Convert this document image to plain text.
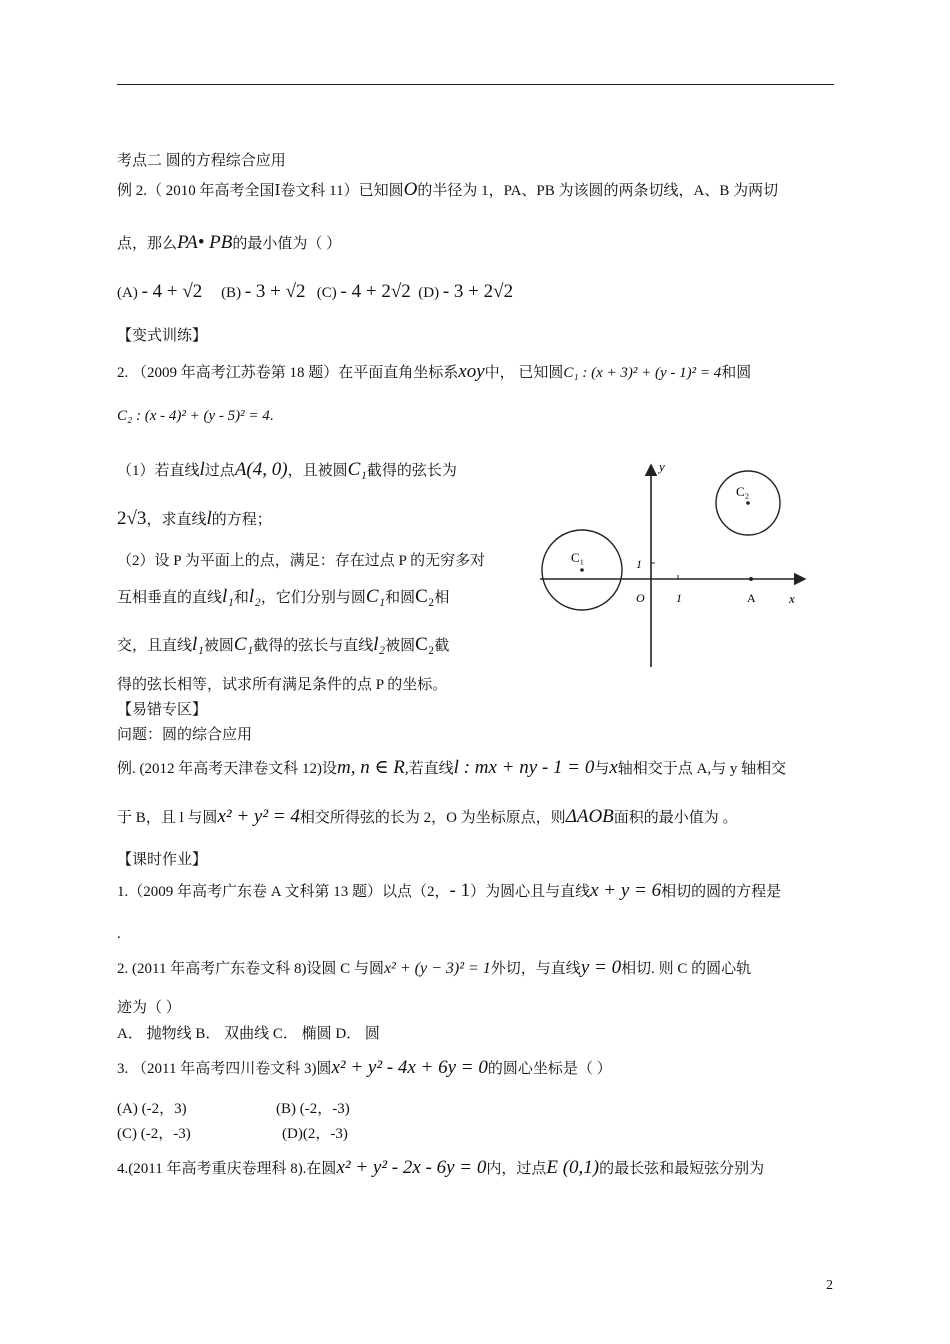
考点二 圆的方程综合应用
例 2.（ 2010 年高考全国Ⅰ卷文科 11）已知圆O的半径为 1，PA、PB 为该圆的两条切线，A、B 为两切
点，那么PA• PB的最小值为（ ）
(A) - 4 + √2 (B) - 3 + √2 (C) - 4 + 2√2 (D) - 3 + 2√2
【变式训练】
2. （2009 年高考江苏卷第 18 题）在平面直角坐标系xoy中， 已知圆C₁ : (x + 3)² + (y - 1)² = 4和圆
C₂ : (x - 4)² + (y - 5)² = 4.
（1）若直线l过点A(4, 0)，且被圆C₁截得的弦长为
2√3，求直线l的方程；
（2）设 P 为平面上的点，满足：存在过点 P 的无穷多对
互相垂直的直线l₁和l₂，它们分别与圆C₁和圆C₂相
交，且直线l₁被圆C₁截得的弦长与直线l₂被圆C₂截
得的弦长相等，试求所有满足条件的点 P 的坐标。
y
x
C₁
C₂
1
O	1	A
【易错专区】
问题：圆的综合应用
例. (2012 年高考天津卷文科 12)设m, n ∈ R,若直线l : mx + ny - 1 = 0与x轴相交于点 A,与 y 轴相交
于 B，且 l 与圆x² + y² = 4相交所得弦的长为 2，O 为坐标原点，则ΔAOB面积的最小值为 。
【课时作业】
1.（2009 年高考广东卷 A 文科第 13 题）以点（2，- 1）为圆心且与直线x + y = 6相切的圆的方程是
.
2. (2011 年高考广东卷文科 8)设圆 C 与圆x² + (y − 3)² = 1外切，与直线y = 0相切. 则 C 的圆心轨
迹为（ ）
A． 抛物线 B． 双曲线 C． 椭圆 D． 圆
3. （2011 年高考四川卷文科 3)圆x² + y² - 4x + 6y = 0的圆心坐标是（ ）
(A) (-2，3)	(B) (-2，-3)
(C) (-2，-3)	(D)(2，-3)
4.(2011 年高考重庆卷理科 8).在圆x² + y² - 2x - 6y = 0内，过点E (0,1)的最长弦和最短弦分别为
2
